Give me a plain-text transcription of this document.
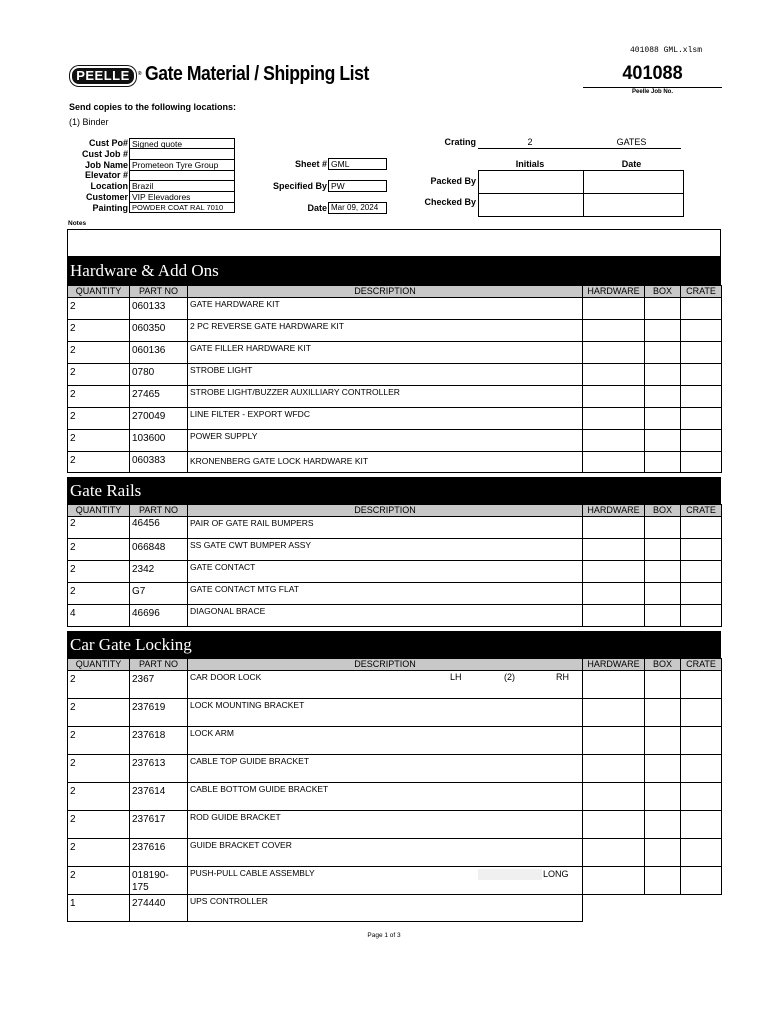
401088 GML.xlsm
PEELLE ® Gate Material / Shipping List	401088
Peelle Job No.
Send copies to the following locations:
(1) Binder
Cust Po# Signed quote
Cust Job #
Job Name Prometeon Tyre Group
Elevator #
Location Brazil
Customer VIP Elevadores
Painting POWDER COAT RAL 7010
Sheet # GML
Specified By PW
Date Mar 09, 2024
Crating	2	GATES
Initials	Date
Packed By
Checked By

Notes
Hardware & Add Ons
QUANTITY	PART NO	DESCRIPTION	HARDWARE	BOX	CRATE
2	060133	GATE HARDWARE KIT			
2	060350	2 PC REVERSE GATE HARDWARE KIT			
2	060136	GATE FILLER HARDWARE KIT			
2	0780	STROBE LIGHT			
2	27465	STROBE LIGHT/BUZZER AUXILLIARY CONTROLLER			
2	270049	LINE FILTER - EXPORT WFDC			
2	103600	POWER SUPPLY			
2	060383	KRONENBERG GATE LOCK HARDWARE KIT			
Gate Rails
QUANTITY	PART NO	DESCRIPTION	HARDWARE	BOX	CRATE
2	46456	PAIR OF GATE RAIL BUMPERS			
2	066848	SS GATE CWT BUMPER ASSY			
2	2342	GATE CONTACT			
2	G7	GATE CONTACT MTG FLAT			
4	46696	DIAGONAL BRACE			
Car Gate Locking
QUANTITY	PART NO	DESCRIPTION	HARDWARE	BOX	CRATE
2	2367	CAR DOOR LOCK LH (2) RH			

2	237619	LOCK MOUNTING BRACKET			
2	237618	LOCK ARM			
2	237613	CABLE TOP GUIDE BRACKET			
2	237614	CABLE BOTTOM GUIDE BRACKET			
2	237617	ROD GUIDE BRACKET			
2	237616	GUIDE BRACKET COVER			
2	018190-175	PUSH-PULL CABLE ASSEMBLY LONG			

1	274440	UPS CONTROLLER			
Page 1 of 3
